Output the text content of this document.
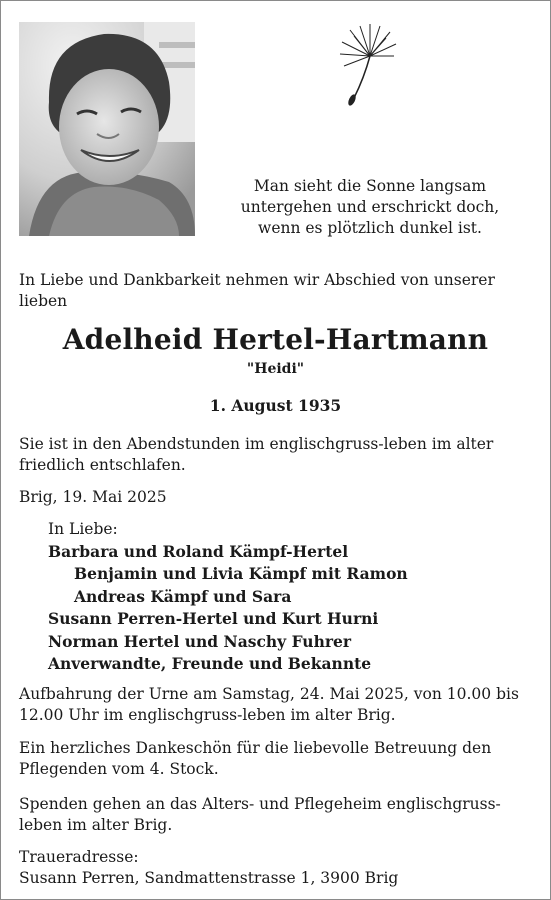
Man sieht die Sonne langsam
untergehen und erschrickt doch,
wenn es plötzlich dunkel ist.
In Liebe und Dankbarkeit nehmen wir Abschied von unserer lieben
Adelheid Hertel-Hartmann
"Heidi"
1. August 1935
Sie ist in den Abendstunden im englischgruss-leben im alter friedlich entschlafen.
Brig, 19. Mai 2025
In Liebe:
Barbara und Roland Kämpf-Hertel
Benjamin und Livia Kämpf mit Ramon
Andreas Kämpf und Sara
Susann Perren-Hertel und Kurt Hurni
Norman Hertel und Naschy Fuhrer
Anverwandte, Freunde und Bekannte
Aufbahrung der Urne am Samstag, 24. Mai 2025, von 10.00 bis 12.00 Uhr im englischgruss-leben im alter Brig.
Ein herzliches Dankeschön für die liebevolle Betreuung den Pflegenden vom 4. Stock.
Spenden gehen an das Alters- und Pflegeheim englischgruss-leben im alter Brig.
Traueradresse:
Susann Perren, Sandmattenstrasse 1, 3900 Brig
